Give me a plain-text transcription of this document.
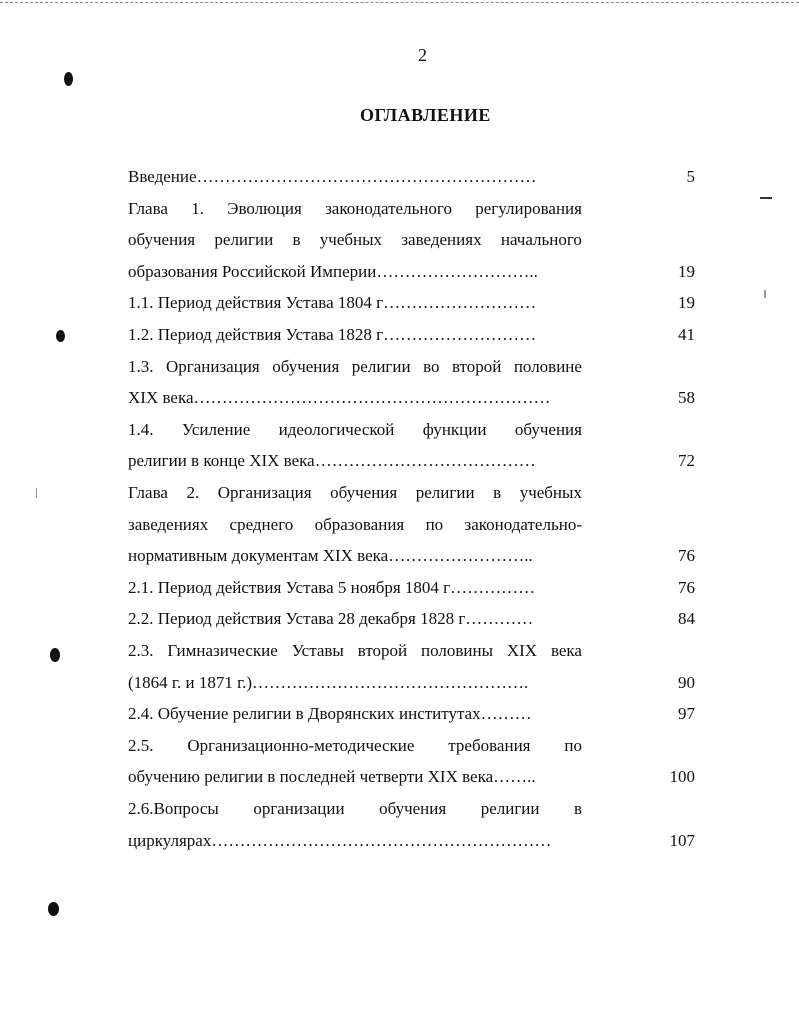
2
ОГЛАВЛЕНИЕ
Введение……………………………………………………	5
Глава 1. Эволюция законодательного регулирования
обучения религии в учебных заведениях начального
образования Российской Империи………………………..	19
1.1. Период действия Устава 1804 г………………………	19
1.2. Период действия Устава 1828 г………………………	41
1.3. Организация обучения религии во второй половине
XIX века………………………………………………………	58
1.4. Усиление идеологической функции обучения
религии в конце XIX века…………………………………	72
Глава 2. Организация обучения религии в учебных
заведениях среднего образования по законодательно-
нормативным документам XIX века……………………..	76
2.1. Период действия Устава 5 ноября 1804 г……………	76
2.2. Период действия Устава 28 декабря 1828 г…………	84
2.3. Гимназические Уставы второй половины XIX века
(1864 г. и 1871 г.)………………………………………….	90
2.4. Обучение религии в Дворянских институтах………	97
2.5. Организационно-методические требования по
обучению религии в последней четверти XIX века……..	100
2.6.Вопросы организации обучения религии в
циркулярах……………………………………………………	107
